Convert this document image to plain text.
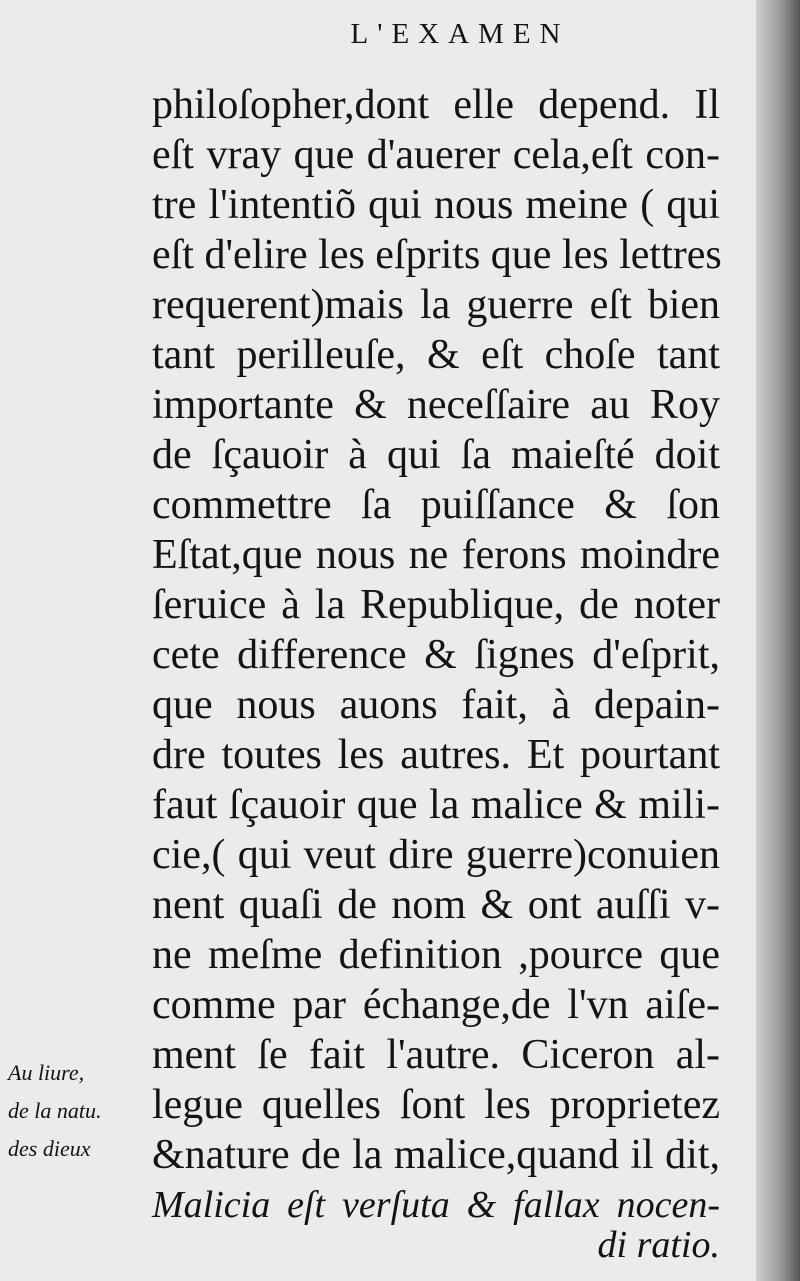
L'EXAMEN
philoſopher,dont elle depend. Il
eſt vray que d'auerer cela,eſt con-
tre l'intentiõ qui nous meine ( qui
eſt d'elire les eſprits que les lettres
requerent)mais la guerre eſt bien
tant perilleuſe, & eſt choſe tant
importante & neceſſaire au Roy
de ſçauoir à qui ſa maieſté doit
commettre ſa puiſſance & ſon
Eſtat,que nous ne ferons moindre
ſeruice à la Republique, de noter
cete difference & ſignes d'eſprit,
que nous auons fait, à depain-
dre toutes les autres. Et pourtant
faut ſçauoir que la malice & mili-
cie,( qui veut dire guerre)conuien
nent quaſi de nom & ont auſſi v-
ne meſme definition ,pource que
comme par échange,de l'vn aiſe-
ment ſe fait l'autre. Ciceron al-
legue quelles ſont les proprietez
&nature de la malice,quand il dit,
Malicia eſt verſuta & fallax nocen-
di ratio.
Au liure,
de la natu.
des dieux
